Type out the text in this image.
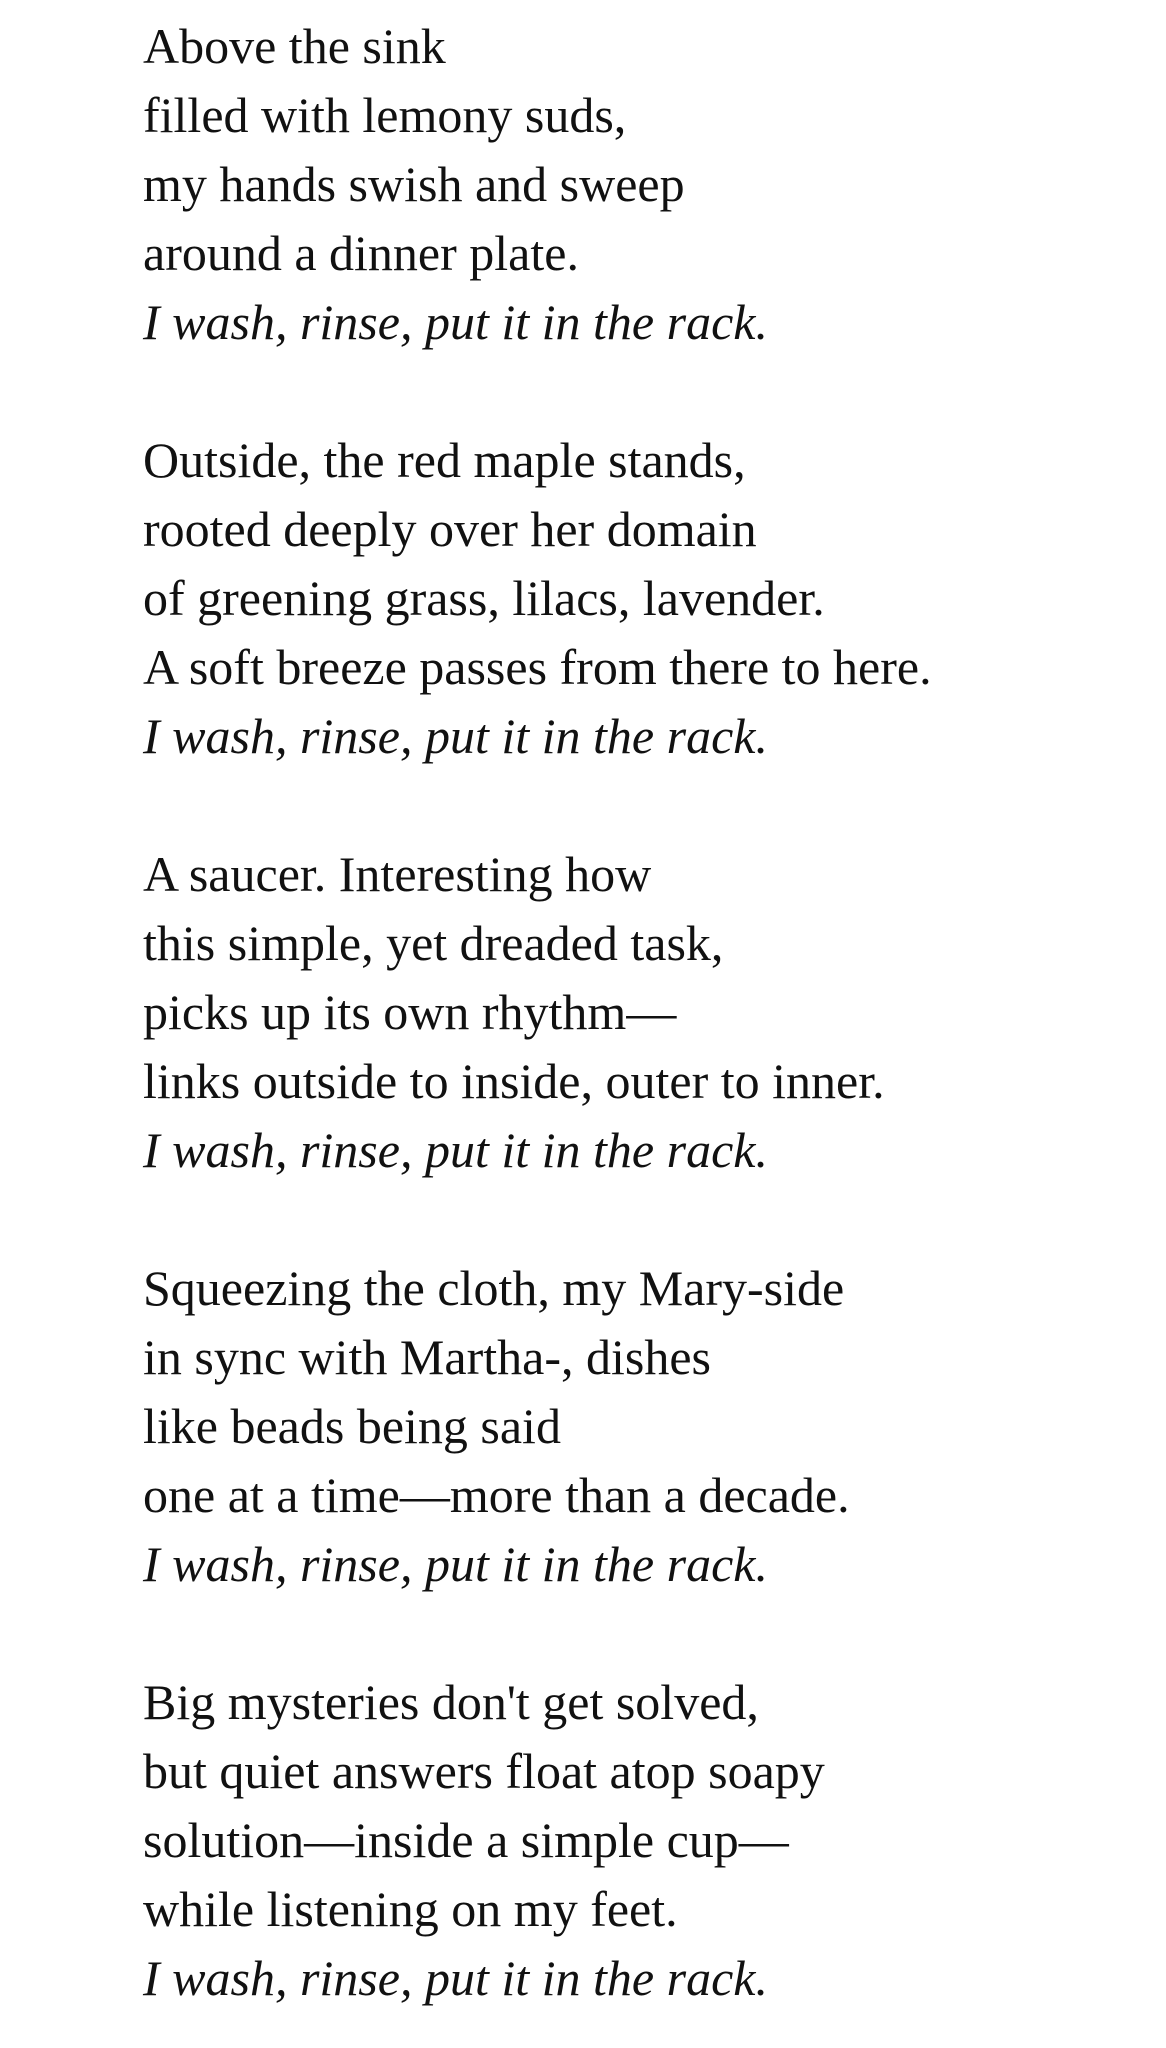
Above the sink
filled with lemony suds,
my hands swish and sweep
around a dinner plate.
I wash, rinse, put it in the rack.
Outside, the red maple stands,
rooted deeply over her domain
of greening grass, lilacs, lavender.
A soft breeze passes from there to here.
I wash, rinse, put it in the rack.
A saucer. Interesting how
this simple, yet dreaded task,
picks up its own rhythm—
links outside to inside, outer to inner.
I wash, rinse, put it in the rack.
Squeezing the cloth, my Mary-side
in sync with Martha-, dishes
like beads being said
one at a time—more than a decade.
I wash, rinse, put it in the rack.
Big mysteries don't get solved,
but quiet answers float atop soapy
solution—inside a simple cup—
while listening on my feet.
I wash, rinse, put it in the rack.
